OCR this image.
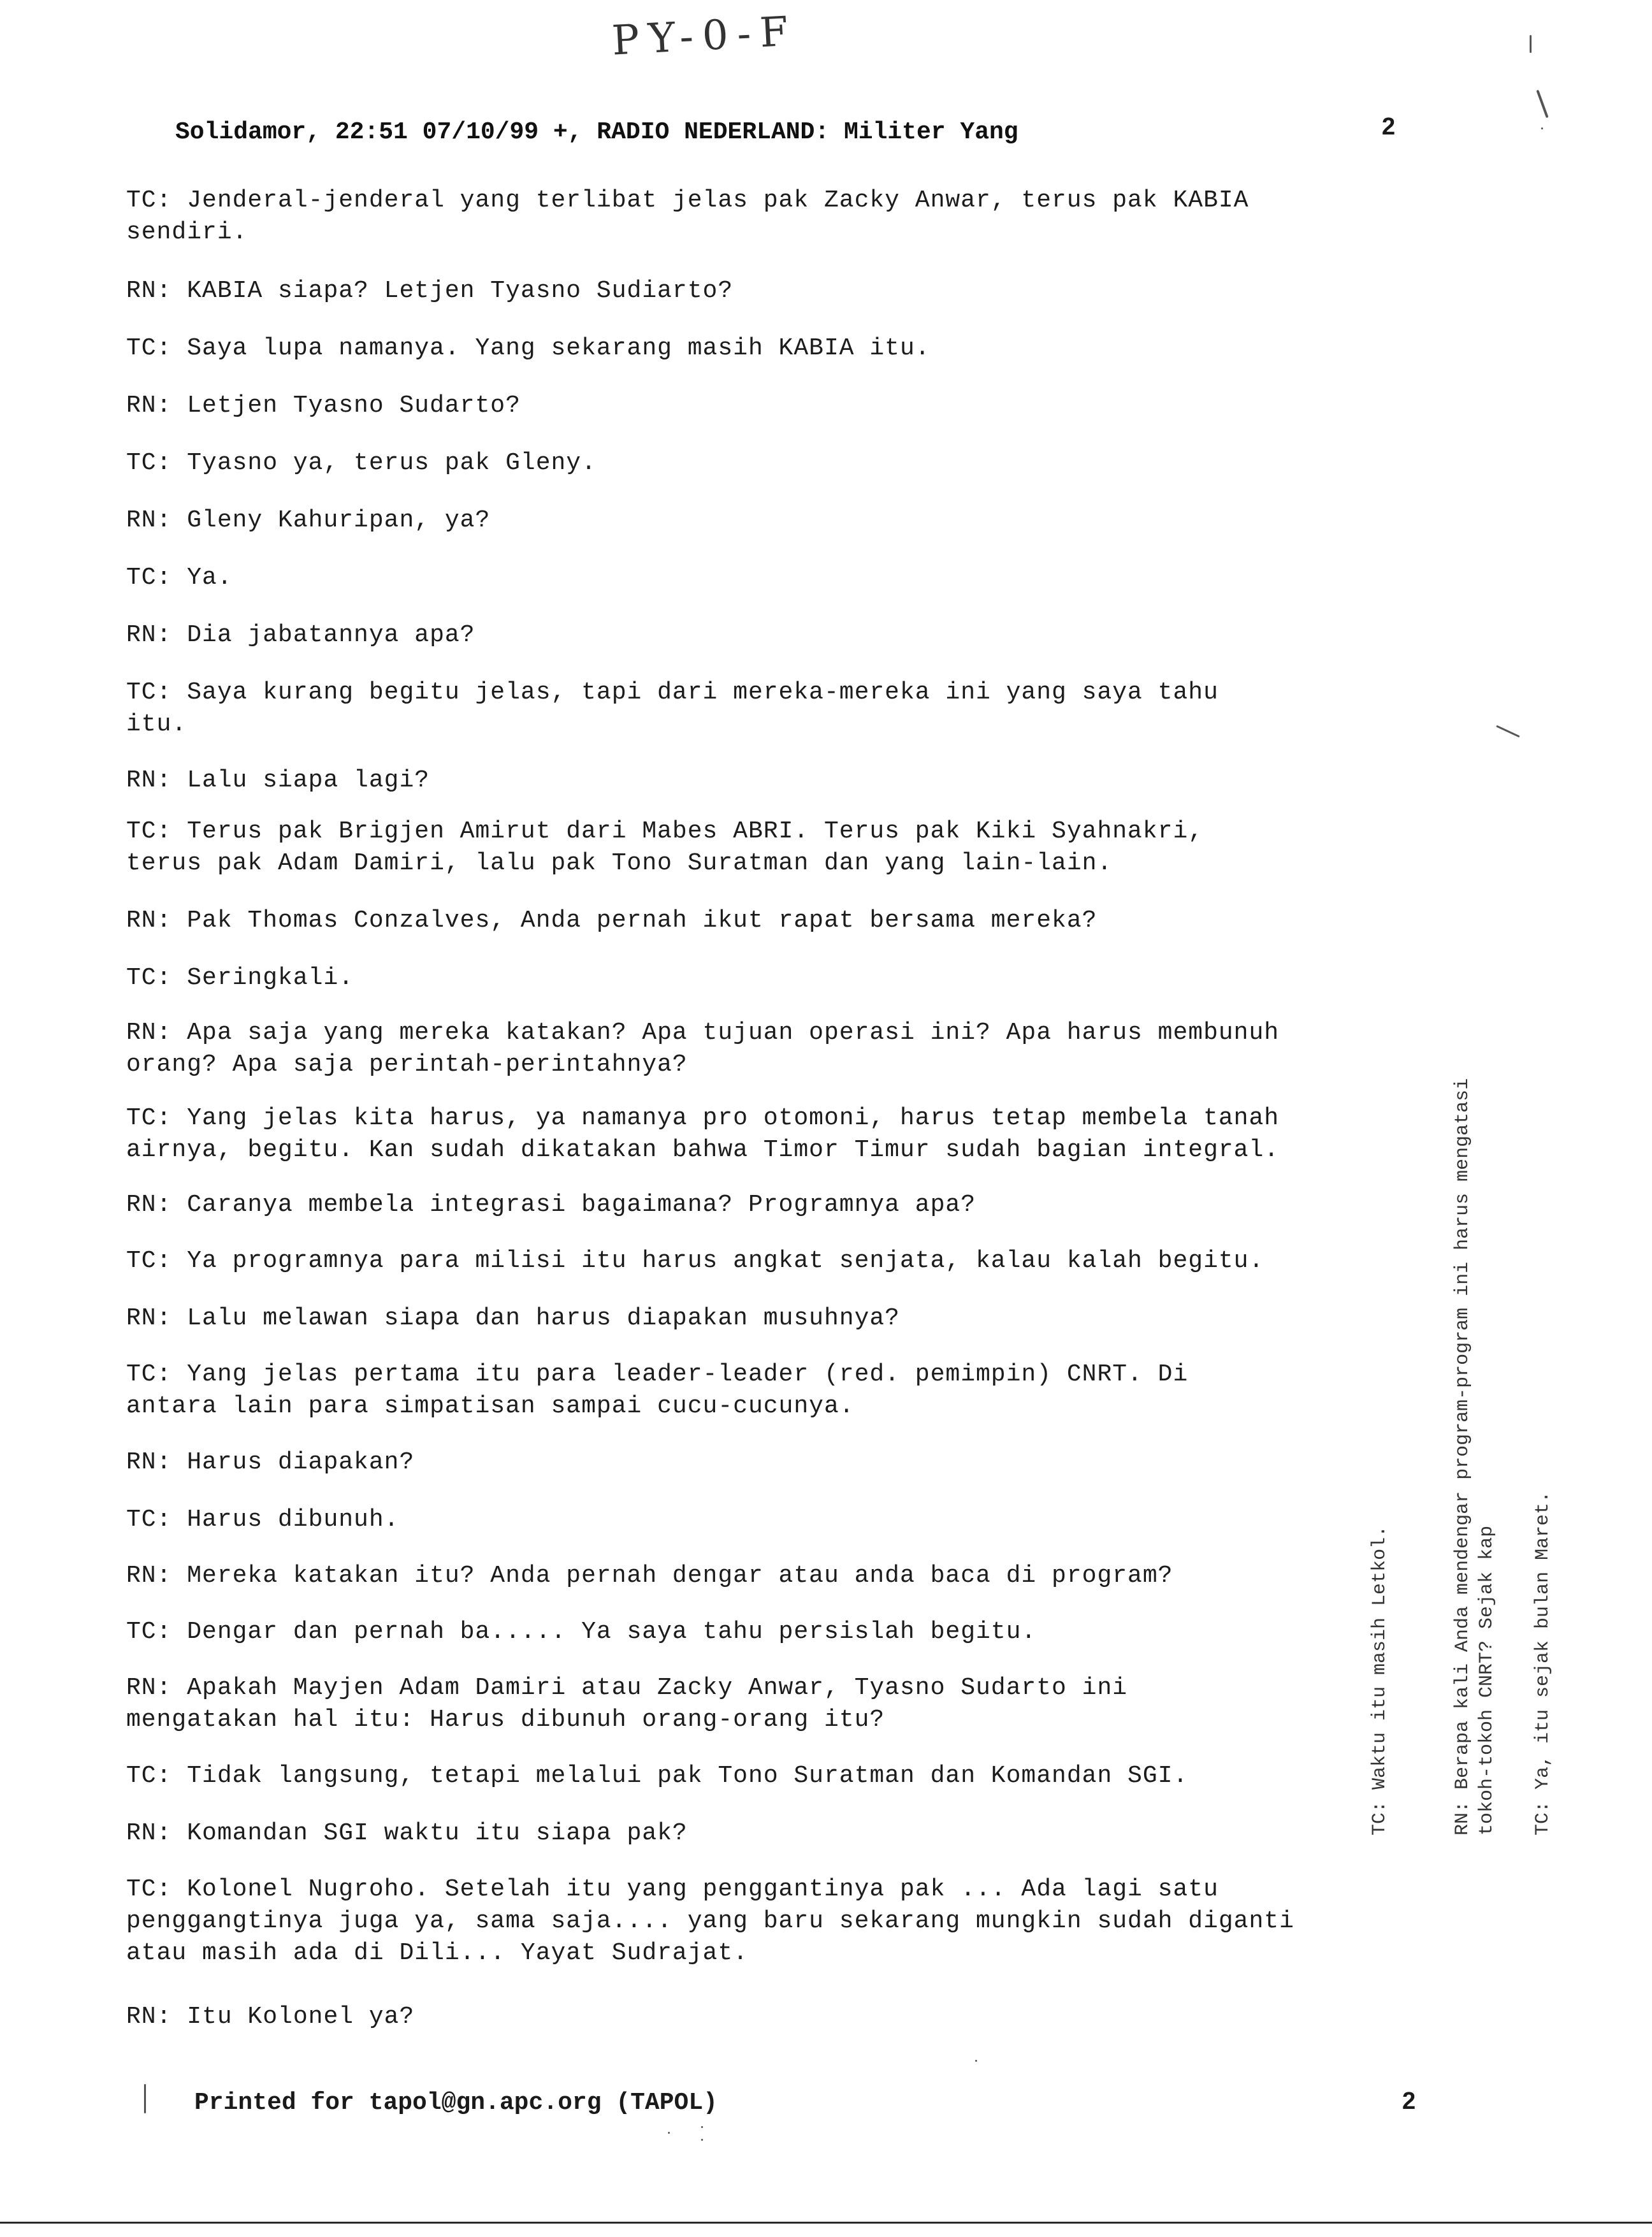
PY-0-F
Solidamor, 22:51 07/10/99 +, RADIO NEDERLAND: Militer Yang	2
TC: Jenderal-jenderal yang terlibat jelas pak Zacky Anwar, terus pak KABIA
sendiri.
RN: KABIA siapa? Letjen Tyasno Sudiarto?
TC: Saya lupa namanya. Yang sekarang masih KABIA itu.
RN: Letjen Tyasno Sudarto?
TC: Tyasno ya, terus pak Gleny.
RN: Gleny Kahuripan, ya?
TC: Ya.
RN: Dia jabatannya apa?
TC: Saya kurang begitu jelas, tapi dari mereka-mereka ini yang saya tahu
itu.
RN: Lalu siapa lagi?
TC: Terus pak Brigjen Amirut dari Mabes ABRI. Terus pak Kiki Syahnakri,
terus pak Adam Damiri, lalu pak Tono Suratman dan yang lain-lain.
RN: Pak Thomas Conzalves, Anda pernah ikut rapat bersama mereka?
TC: Seringkali.
RN: Apa saja yang mereka katakan? Apa tujuan operasi ini? Apa harus membunuh
orang? Apa saja perintah-perintahnya?
TC: Yang jelas kita harus, ya namanya pro otomoni, harus tetap membela tanah
airnya, begitu. Kan sudah dikatakan bahwa Timor Timur sudah bagian integral.
RN: Caranya membela integrasi bagaimana? Programnya apa?
TC: Ya programnya para milisi itu harus angkat senjata, kalau kalah begitu.
RN: Lalu melawan siapa dan harus diapakan musuhnya?
TC: Yang jelas pertama itu para leader-leader (red. pemimpin) CNRT. Di
antara lain para simpatisan sampai cucu-cucunya.
RN: Harus diapakan?
TC: Harus dibunuh.
RN: Mereka katakan itu? Anda pernah dengar atau anda baca di program?
TC: Dengar dan pernah ba..... Ya saya tahu persislah begitu.
RN: Apakah Mayjen Adam Damiri atau Zacky Anwar, Tyasno Sudarto ini
mengatakan hal itu: Harus dibunuh orang-orang itu?
TC: Tidak langsung, tetapi melalui pak Tono Suratman dan Komandan SGI.
RN: Komandan SGI waktu itu siapa pak?
TC: Kolonel Nugroho. Setelah itu yang penggantinya pak ... Ada lagi satu
penggangtinya juga ya, sama saja.... yang baru sekarang mungkin sudah diganti
atau masih ada di Dili... Yayat Sudrajat.
RN: Itu Kolonel ya?
TC: Waktu itu masih Letkol.	RN: Berapa kali Anda mendengar program-program ini harus mengatasi tokoh-tokoh CNRT? Sejak kap TC: Ya, itu sejak bulan Maret.
Printed for tapol@gn.apc.org (TAPOL)	2
